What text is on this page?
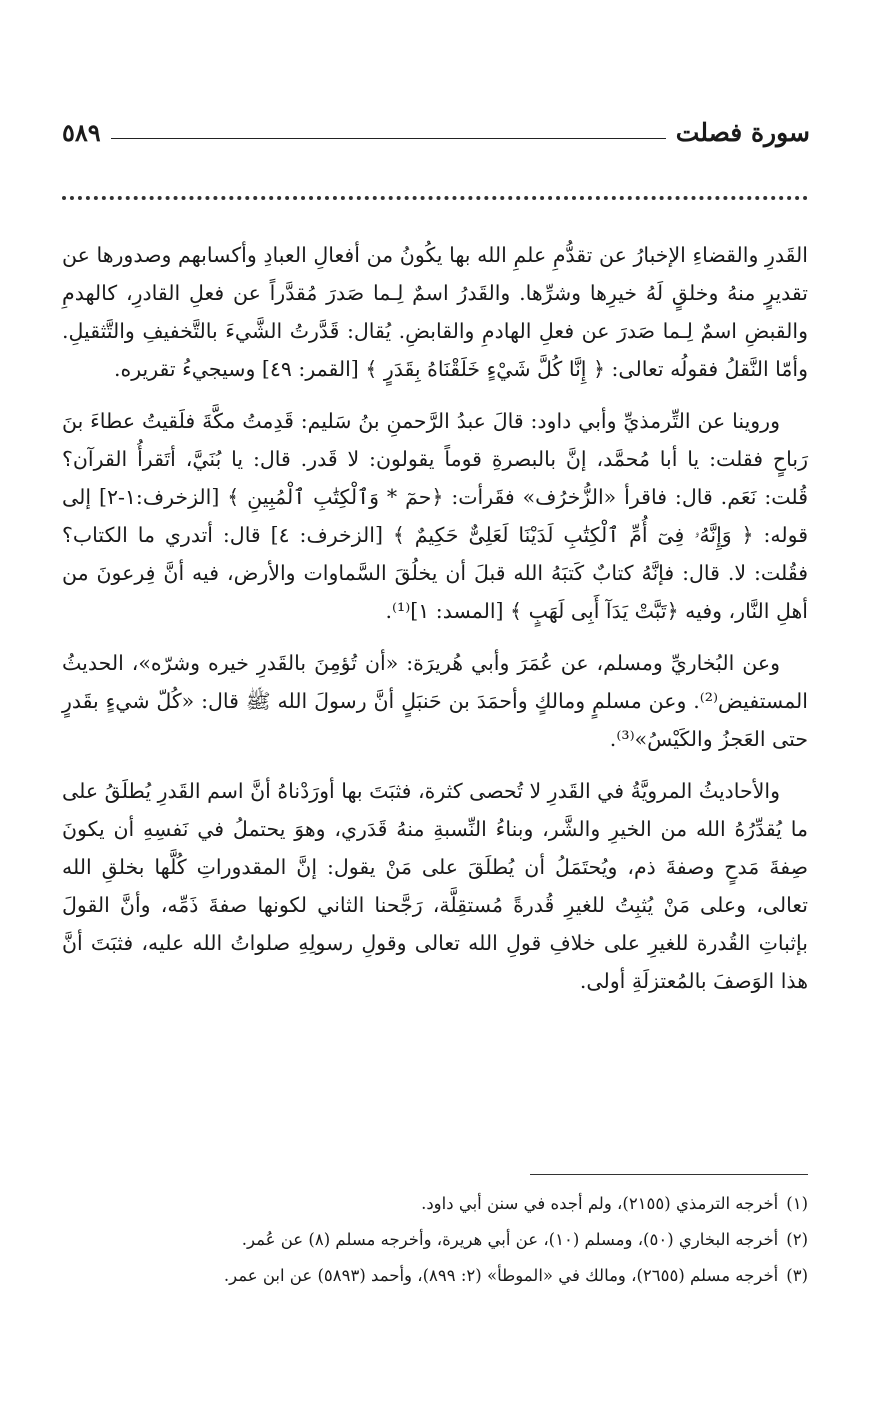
سورة فصلت
٥٨٩

القَدرِ والقضاءِ الإخبارُ عن تقدُّمِ علمِ الله بها يكُونُ من أفعالِ العبادِ وأكسابهم وصدورها عن تقديرٍ منهُ وخلقٍ لَهُ خيرِها وشرِّها. والقَدرُ اسمٌ لِـما صَدرَ مُقدَّراً عن فعلِ القادرِ، كالهدمِ والقبضِ اسمٌ لِـما صَدرَ عن فعلِ الهادمِ والقابضِ. يُقال: قَدَّرتُ الشَّيءَ بالتَّخفيفِ والتَّثقيلِ. وأمّا النَّقلُ فقولُه تعالى: ﴿ إِنَّا كُلَّ شَيْءٍ خَلَقْنَاهُ بِقَدَرٍ ﴾ [القمر: ٤٩] وسيجيءُ تقريره.

وروينا عن التِّرمذيِّ وأبي داود: قالَ عبدُ الرَّحمنِ بنُ سَليم: قَدِمتُ مكَّةَ فلَقيتُ عطاءَ بنَ رَباحٍ فقلت: يا أبا مُحمَّد، إنَّ بالبصرةِ قوماً يقولون: لا قَدر. قال: يا بُنَيَّ، أتَقرأُ القرآن؟ قُلت: نَعَم. قال: فاقرأ «الزُّخرُف» فقَرأت: ﴿حمٓ * وَٱلْكِتَٰبِ ٱلْمُبِينِ ﴾ [الزخرف:١-٢] إلى قوله: ﴿ وَإِنَّهُۥ فِىٓ أُمِّ ٱلْكِتَٰبِ لَدَيْنَا لَعَلِىٌّ حَكِيمٌ ﴾ [الزخرف: ٤] قال: أتدري ما الكتاب؟ فقُلت: لا. قال: فإنَّهُ كتابٌ كَتبَهُ الله قبلَ أن يخلُقَ السَّماوات والأرض، فيه أنَّ فِرعونَ من أهلِ النَّار، وفيه ﴿تَبَّتْ يَدَآ أَبِى لَهَبٍ ﴾ [المسد: ١]⁽¹⁾.

وعن البُخاريِّ ومسلم، عن عُمَرَ وأبي هُريرَة: «أن تُؤمِنَ بالقَدرِ خيره وشرّه»، الحديثُ المستفيض⁽²⁾. وعن مسلمٍ ومالكٍ وأحمَدَ بن حَنبَلٍ أنَّ رسولَ الله ﷺ قال: «كُلّ شيءٍ بقَدرٍ حتى العَجزُ والكَيْسُ»⁽³⁾.

والأحاديثُ المرويَّةُ في القَدرِ لا تُحصى كثرة، فثبَتَ بها أورَدْناهُ أنَّ اسم القَدرِ يُطلَقُ على ما يُقدِّرُهُ الله من الخيرِ والشَّر، وبناءُ النِّسبةِ منهُ قَدَري، وهوَ يحتملُ في نَفسِهِ أن يكونَ صِفةَ مَدحٍ وصفةَ ذم، ويُحتَمَلُ أن يُطلَقَ على مَنْ يقول: إنَّ المقدوراتِ كُلَّها بخلقِ الله تعالى، وعلى مَنْ يُثبِتُ للغيرِ قُدرةً مُستقِلَّة، رَجَّحنا الثاني لكونها صفةَ ذَمِّه، وأنَّ القولَ بإثباتِ القُدرة للغيرِ على خلافِ قولِ الله تعالى وقولِ رسولِهِ صلواتُ الله عليه، فثبَتَ أنَّ هذا الوَصفَ بالمُعتزلَةِ أولى.

(١)أخرجه الترمذي (٢١٥٥)، ولم أجده في سنن أبي داود.
(٢)أخرجه البخاري (٥٠)، ومسلم (١٠)، عن أبي هريرة، وأخرجه مسلم (٨) عن عُمر.
(٣)أخرجه مسلم (٢٦٥٥)، ومالك في «الموطأ» (٢: ٨٩٩)، وأحمد (٥٨٩٣) عن ابن عمر.
